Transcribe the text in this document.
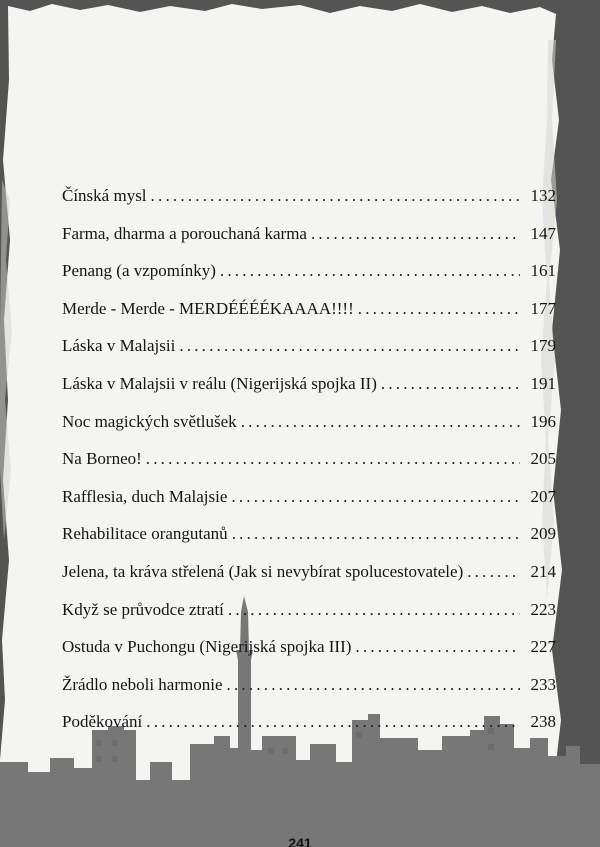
Čínská mysl .....	132
Farma, dharma a porouchaná karma .....	147
Penang (a vzpomínky) .....	161
Merde - Merde - MERDÉÉÉÉKAAAA!!!! .....	177
Láska v Malajsii .....	179
Láska v Malajsii v reálu (Nigerijská spojka II) .....	191
Noc magických světlušek .....	196
Na Borneo! .....	205
Rafflesia, duch Malajsie .....	207
Rehabilitace orangutanů .....	209
Jelena, ta kráva střelená (Jak si nevybírat spolucestovatele) .....	214
Když se průvodce ztratí .....	223
Ostuda v Puchongu (Nigerijská spojka III) .....	227
Žrádlo neboli harmonie .....	233
Poděkování .....	238
241
